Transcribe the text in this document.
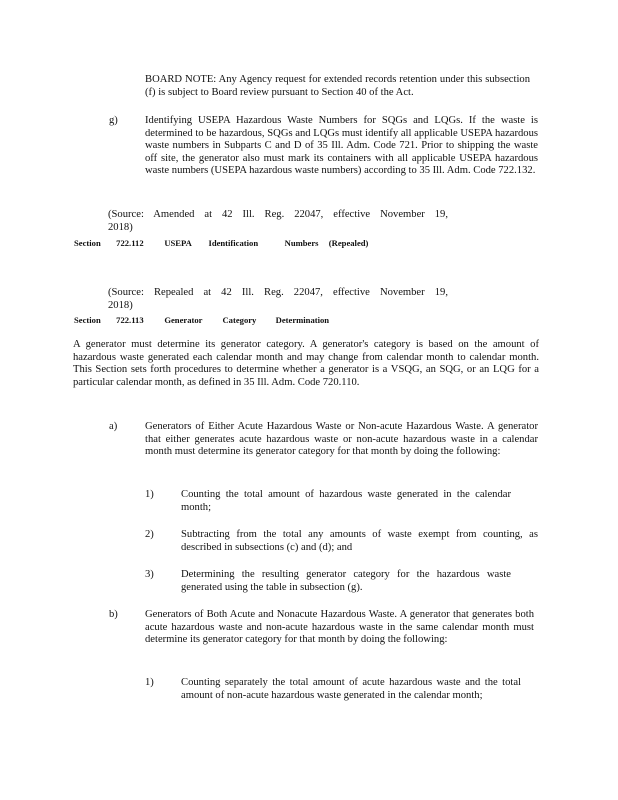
BOARD NOTE: Any Agency request for extended records retention under this subsection (f) is subject to Board review pursuant to Section 40 of the Act.

g)	Identifying USEPA Hazardous Waste Numbers for SQGs and LQGs. If the waste is determined to be hazardous, SQGs and LQGs must identify all applicable USEPA hazardous waste numbers in Subparts C and D of 35 Ill. Adm. Code 721. Prior to shipping the waste off site, the generator also must mark its containers with all applicable USEPA hazardous waste numbers (USEPA hazardous waste numbers) according to 35 Ill. Adm. Code 722.132.

(Source: Amended at 42 Ill. Reg. 22047, effective November 19, 2018)

Section 722.112 USEPA Identification	Numbers (Repealed)

(Source: Repealed at 42 Ill. Reg. 22047, effective November 19, 2018)

Section 722.113 Generator Category Determination

A generator must determine its generator category. A generator's category is based on the amount of hazardous waste generated each calendar month and may change from calendar month to calendar month. This Section sets forth procedures to determine whether a generator is a VSQG, an SQG, or an LQG for a particular calendar month, as defined in 35 Ill. Adm. Code 720.110.

a)	Generators of Either Acute Hazardous Waste or Non-acute Hazardous Waste. A generator that either generates acute hazardous waste or non-acute hazardous waste in a calendar month must determine its generator category for that month by doing the following:

1)	Counting the total amount of hazardous waste generated in the calendar month;

2)	Subtracting from the total any amounts of waste exempt from counting, as described in subsections (c) and (d); and

3)	Determining the resulting generator category for the hazardous waste generated using the table in subsection (g).

b)	Generators of Both Acute and Nonacute Hazardous Waste. A generator that generates both acute hazardous waste and non-acute hazardous waste in the same calendar month must determine its generator category for that month by doing the following:

1)	Counting separately the total amount of acute hazardous waste and the total amount of non-acute hazardous waste generated in the calendar month;
